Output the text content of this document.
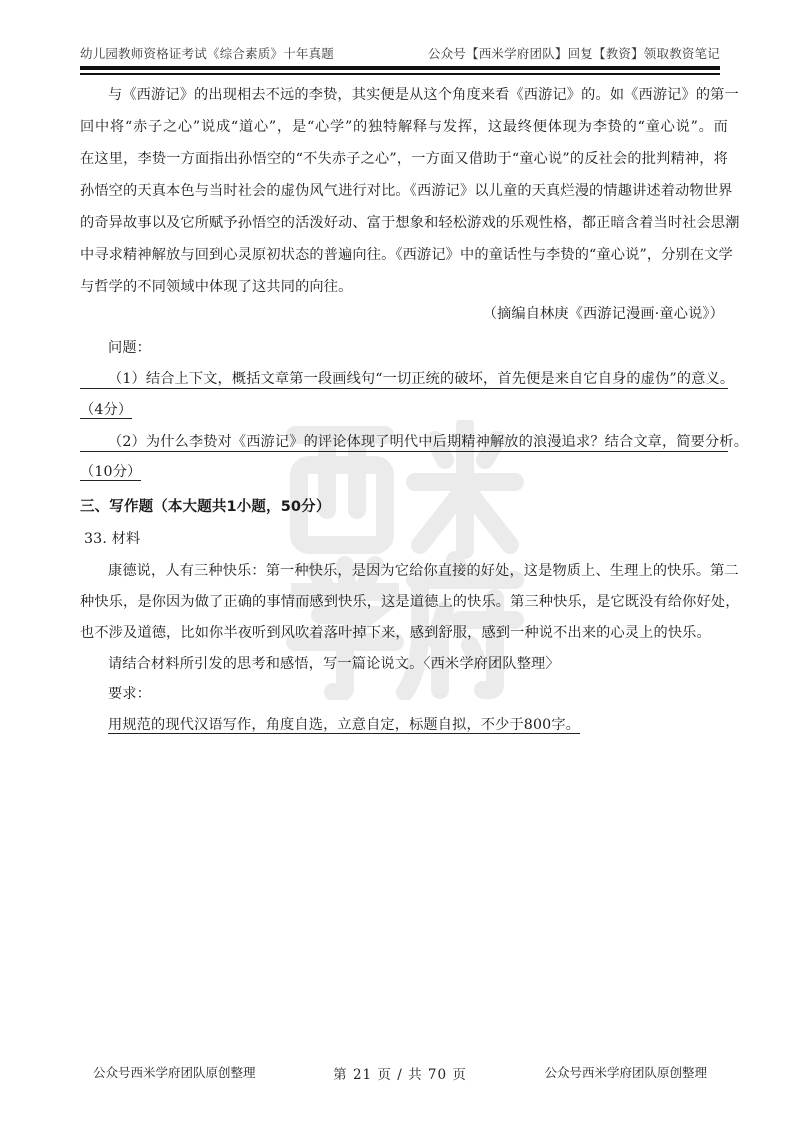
幼儿园教师资格证考试《综合素质》十年真题	公众号【西米学府团队】回复【教资】领取教资笔记
与《西游记》的出现相去不远的李贽，其实便是从这个角度来看《西游记》的。如《西游记》的第一
回中将“赤子之心”说成“道心”，是“心学”的独特解释与发挥，这最终便体现为李贽的“童心说”。而
在这里，李贽一方面指出孙悟空的“不失赤子之心”，一方面又借助于“童心说”的反社会的批判精神，将
孙悟空的天真本色与当时社会的虚伪风气进行对比。《西游记》以儿童的天真烂漫的情趣讲述着动物世界
的奇异故事以及它所赋予孙悟空的活泼好动、富于想象和轻松游戏的乐观性格，都正暗含着当时社会思潮
中寻求精神解放与回到心灵原初状态的普遍向往。《西游记》中的童话性与李贽的“童心说”，分别在文学
与哲学的不同领域中体现了这共同的向往。
（摘编自林庚《西游记漫画·童心说》）
问题：
（1）结合上下文，概括文章第一段画线句“一切正统的破坏，首先便是来自它自身的虚伪”的意义。
（4分）
（2）为什么李贽对《西游记》的评论体现了明代中后期精神解放的浪漫追求？结合文章，简要分析。
（10分）
三、写作题（本大题共1小题，50分）
33. 材料
康德说，人有三种快乐：第一种快乐，是因为它给你直接的好处，这是物质上、生理上的快乐。第二
种快乐，是你因为做了正确的事情而感到快乐，这是道德上的快乐。第三种快乐，是它既没有给你好处，
也不涉及道德，比如你半夜听到风吹着落叶掉下来，感到舒服，感到一种说不出来的心灵上的快乐。
请结合材料所引发的思考和感悟，写一篇论说文。〈西米学府团队整理〉
要求：
用规范的现代汉语写作，角度自选，立意自定，标题自拟，不少于800字。
公众号西米学府团队原创整理	第 21 页 / 共 70 页	公众号西米学府团队原创整理
